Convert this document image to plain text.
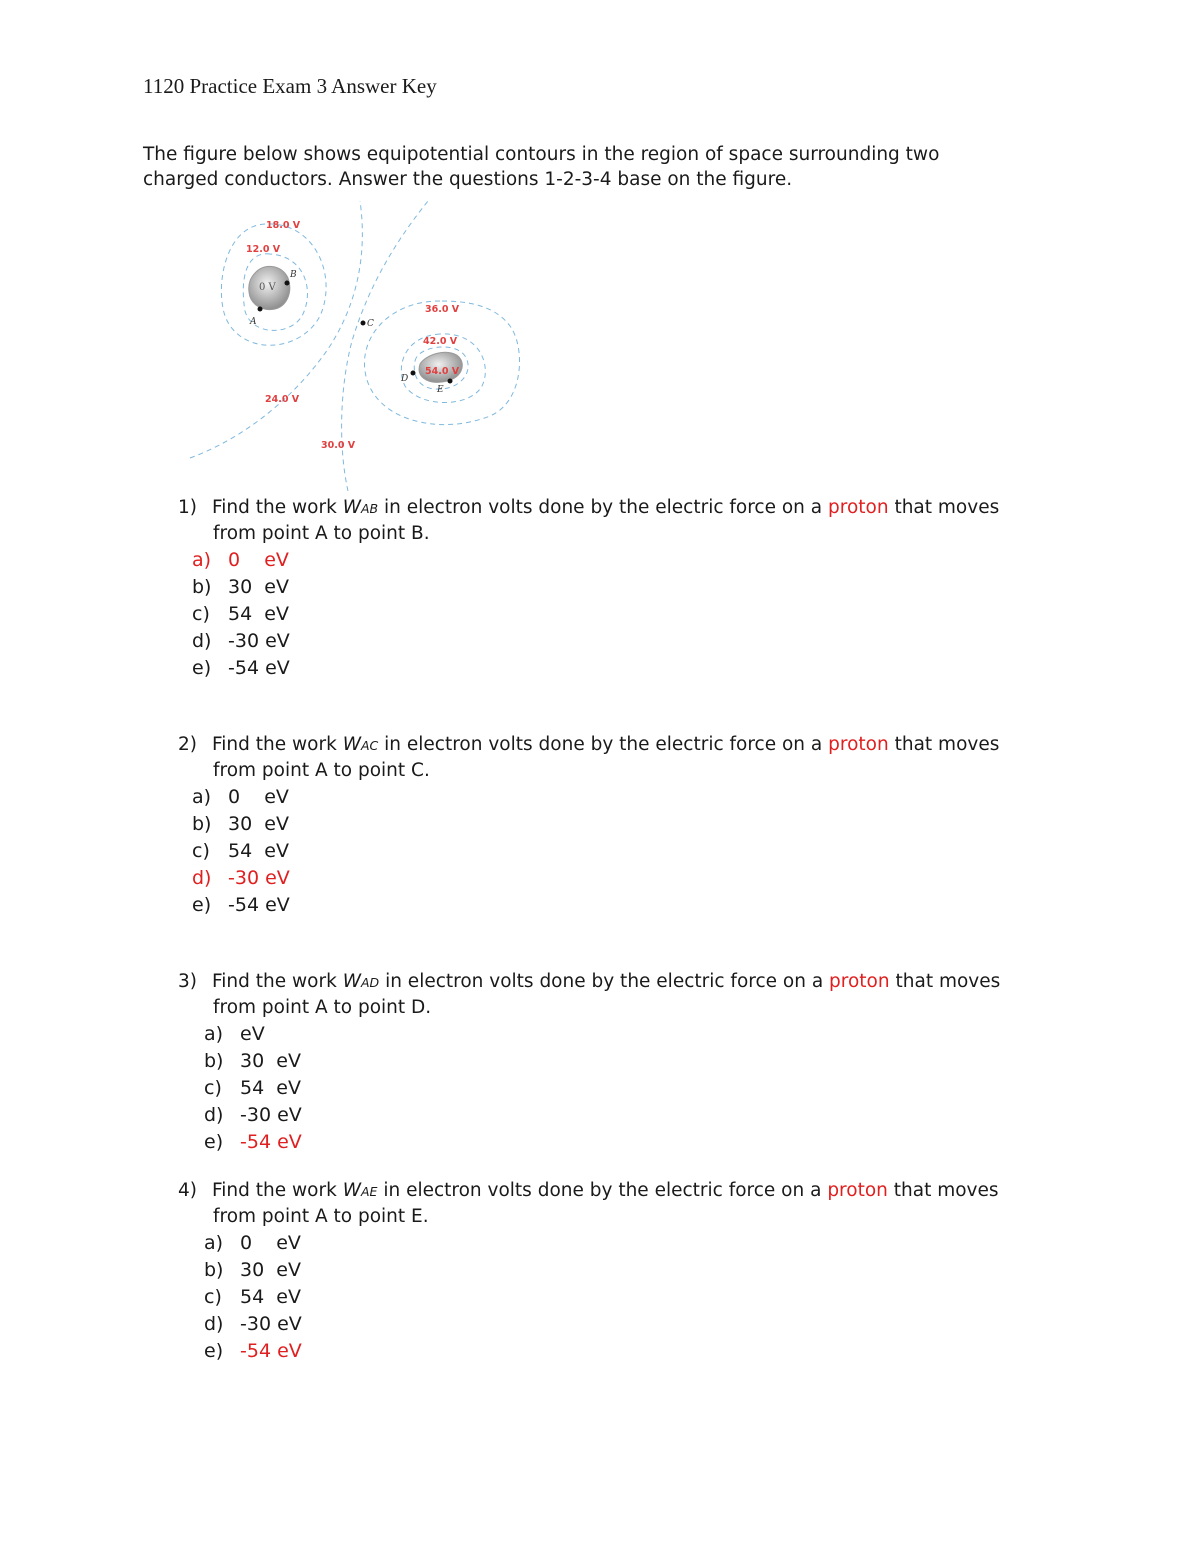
1120 Practice Exam 3 Answer Key
The figure below shows equipotential contours in the region of space surrounding two
charged conductors. Answer the questions 1-2-3-4 base on the figure.
A
B
C
D
E
0 V
18.0 V
12.0 V
36.0 V
42.0 V
54.0 V
24.0 V
30.0 V
1) Find the work WAB in electron volts done by the electric force on a proton that moves
from point A to point B.
a) 0    eV
b) 30  eV
c) 54  eV
d) -30 eV
e) -54 eV
2) Find the work WAC in electron volts done by the electric force on a proton that moves
from point A to point C.
a) 0    eV
b) 30  eV
c) 54  eV
d) -30 eV
e) -54 eV
3) Find the work WAD in electron volts done by the electric force on a proton that moves
from point A to point D.
a) eV
b) 30  eV
c) 54  eV
d) -30 eV
e) -54 eV
4) Find the work WAE in electron volts done by the electric force on a proton that moves
from point A to point E.
a) 0    eV
b) 30  eV
c) 54  eV
d) -30 eV
e) -54 eV
